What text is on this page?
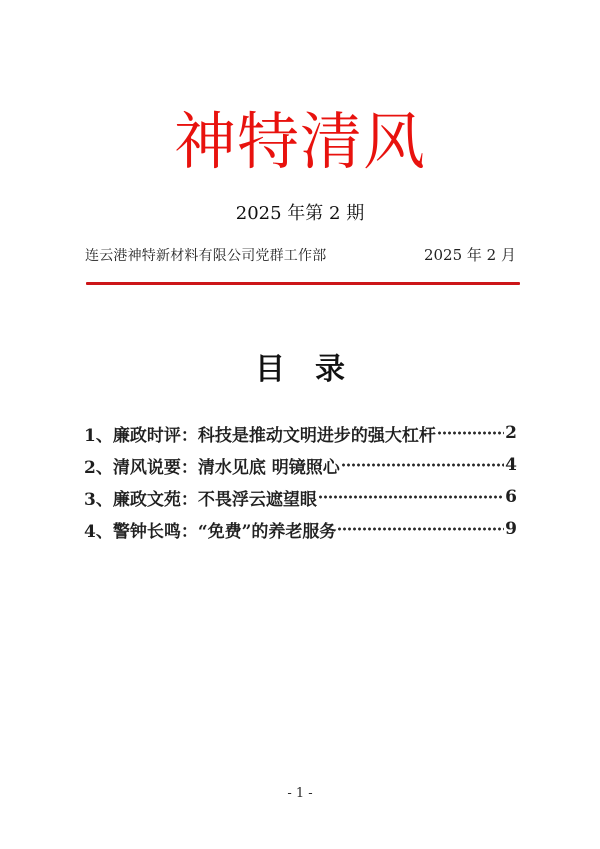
神特清风
2025 年第 2 期
连云港神特新材料有限公司党群工作部	2025 年 2 月
目　录
1、廉政时评：科技是推动文明进步的强大杠杆	2
2、清风说要：清水见底 明镜照心	4
3、廉政文苑：不畏浮云遮望眼	6
4、警钟长鸣：“免费”的养老服务	9
- 1 -
